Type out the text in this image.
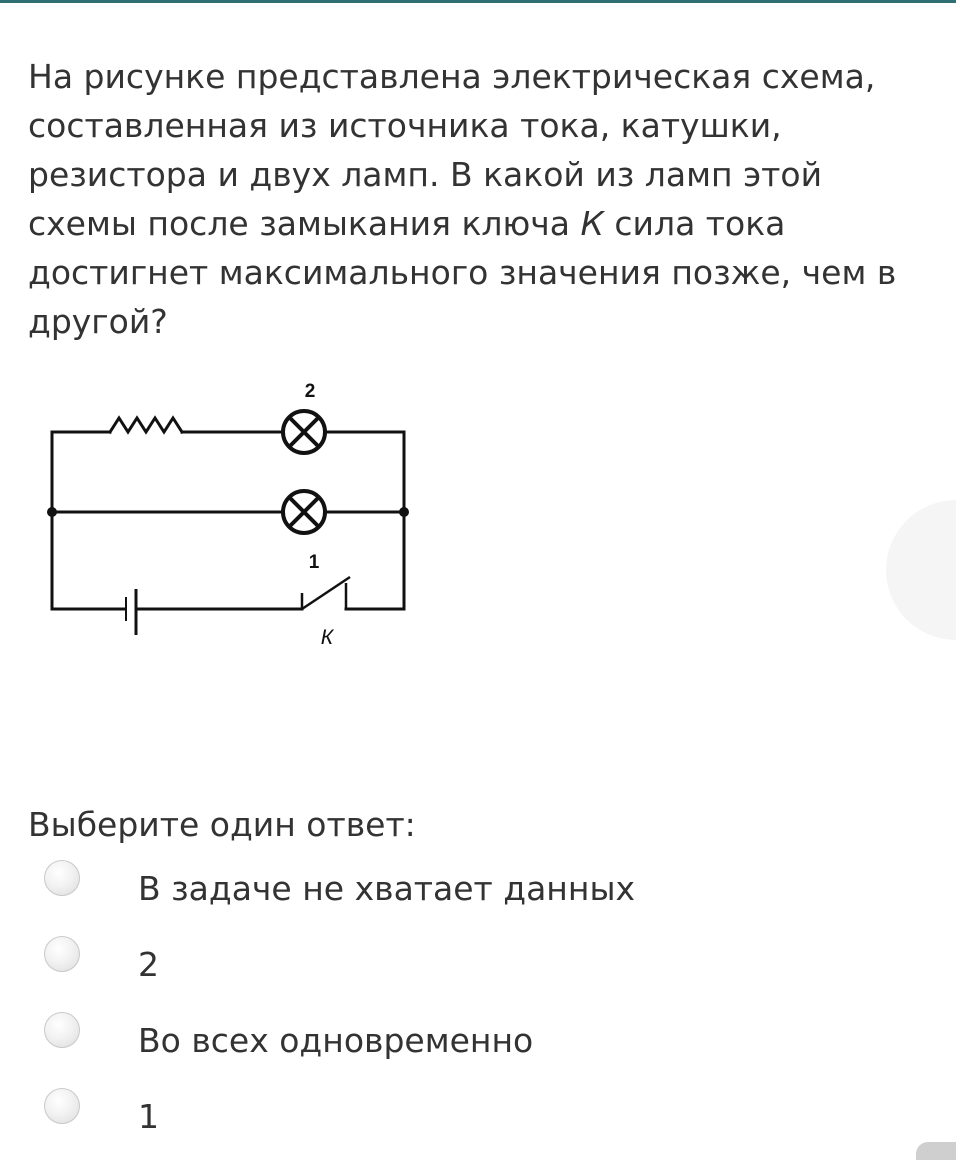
На рисунке представлена электрическая схема, составленная из источника тока, катушки, резистора и двух ламп. В какой из ламп этой схемы после замыкания ключа К сила тока достигнет максимального значения позже, чем в другой?
2
1
К
Выберите один ответ:
В задаче не хватает данных
2
Во всех одновременно
1
